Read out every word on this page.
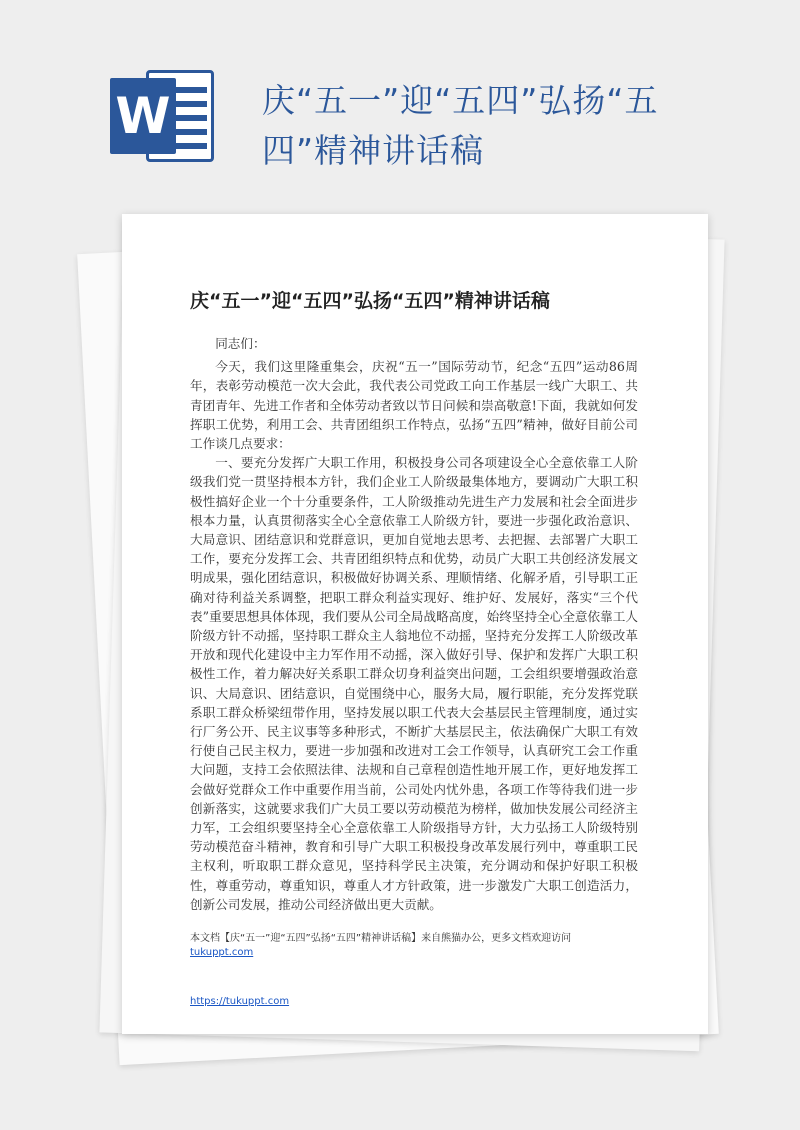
W	庆“五一”迎“五四”弘扬“五四”精神讲话稿
庆“五一”迎“五四”弘扬“五四”精神讲话稿

同志们：

今天，我们这里隆重集会，庆祝“五一”国际劳动节，纪念“五四”运动86周年，表彰劳动模范一次大会此，我代表公司党政工向工作基层一线广大职工、共青团青年、先进工作者和全体劳动者致以节日问候和崇高敬意!下面，我就如何发挥职工优势，利用工会、共青团组织工作特点，弘扬“五四”精神，做好目前公司工作谈几点要求：

一、要充分发挥广大职工作用，积极投身公司各项建设全心全意依靠工人阶级我们党一贯坚持根本方针，我们企业工人阶级最集体地方，要调动广大职工积极性搞好企业一个十分重要条件，工人阶级推动先进生产力发展和社会全面进步根本力量，认真贯彻落实全心全意依靠工人阶级方针，要进一步强化政治意识、大局意识、团结意识和党群意识，更加自觉地去思考、去把握、去部署广大职工工作，要充分发挥工会、共青团组织特点和优势，动员广大职工共创经济发展文明成果，强化团结意识，积极做好协调关系、理顺情绪、化解矛盾，引导职工正确对待利益关系调整，把职工群众利益实现好、维护好、发展好，落实“三个代表”重要思想具体体现，我们要从公司全局战略高度，始终坚持全心全意依靠工人阶级方针不动摇，坚持职工群众主人翁地位不动摇，坚持充分发挥工人阶级改革开放和现代化建设中主力军作用不动摇，深入做好引导、保护和发挥广大职工积极性工作，着力解决好关系职工群众切身利益突出问题，工会组织要增强政治意识、大局意识、团结意识，自觉围绕中心，服务大局，履行职能，充分发挥党联系职工群众桥梁纽带作用，坚持发展以职工代表大会基层民主管理制度，通过实行厂务公开、民主议事等多种形式，不断扩大基层民主，依法确保广大职工有效行使自己民主权力，要进一步加强和改进对工会工作领导，认真研究工会工作重大问题，支持工会依照法律、法规和自己章程创造性地开展工作，更好地发挥工会做好党群众工作中重要作用当前，公司处内忧外患，各项工作等待我们进一步创新落实，这就要求我们广大员工要以劳动模范为榜样，做加快发展公司经济主力军，工会组织要坚持全心全意依靠工人阶级指导方针，大力弘扬工人阶级特别劳动模范奋斗精神，教育和引导广大职工积极投身改革发展行列中，尊重职工民主权利，听取职工群众意见，坚持科学民主决策，充分调动和保护好职工积极性，尊重劳动，尊重知识，尊重人才方针政策，进一步激发广大职工创造活力，创新公司发展，推动公司经济做出更大贡献。

本文档【庆“五一”迎“五四”弘扬“五四”精神讲话稿】来自熊猫办公，更多文档欢迎访问
tukuppt.com
https://tukuppt.com
